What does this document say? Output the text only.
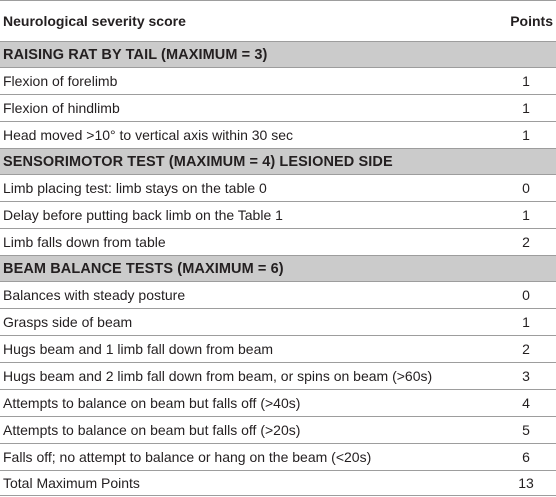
Neurological severity score	Points
RAISING RAT BY TAIL (MAXIMUM = 3)	
Flexion of forelimb	1
Flexion of hindlimb	1
Head moved >10° to vertical axis within 30 sec	1
SENSORIMOTOR TEST (MAXIMUM = 4) LESIONED SIDE	
Limb placing test: limb stays on the table 0	0
Delay before putting back limb on the Table 1	1
Limb falls down from table	2
BEAM BALANCE TESTS (MAXIMUM = 6)	
Balances with steady posture	0
Grasps side of beam	1
Hugs beam and 1 limb fall down from beam	2
Hugs beam and 2 limb fall down from beam, or spins on beam (>60s)	3
Attempts to balance on beam but falls off (>40s)	4
Attempts to balance on beam but falls off (>20s)	5
Falls off; no attempt to balance or hang on the beam (<20s)	6
Total Maximum Points	13
